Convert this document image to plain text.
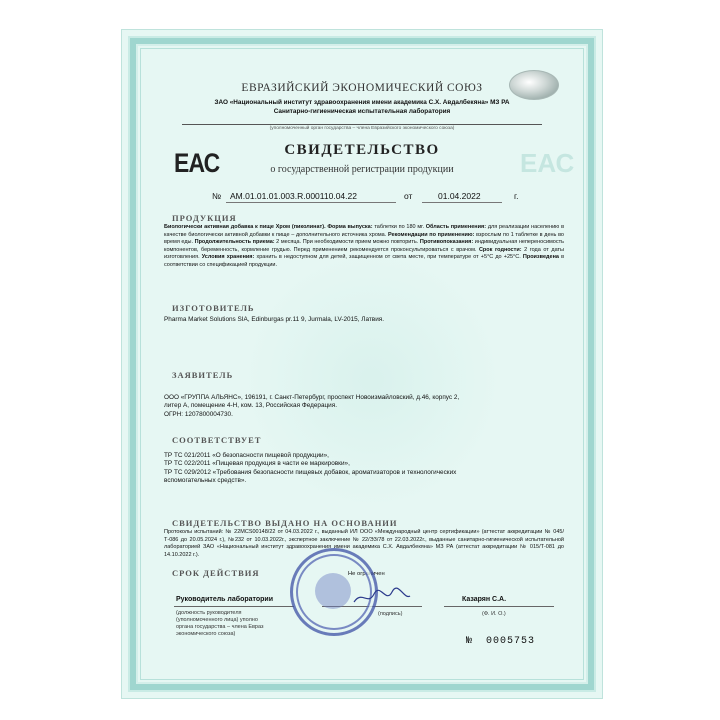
ЕВРАЗИЙСКИЙ ЭКОНОМИЧЕСКИЙ СОЮЗ
ЗАО «Национальный институт здравоохранения имени академика С.Х. Авдалбекяна» МЗ РА
Санитарно-гигиеническая испытательная лаборатория
(уполномоченный орган государства – члена Евразийского экономического союза)
ЕАС	ЕАС
СВИДЕТЕЛЬСТВО
о государственной регистрации продукции
№ AM.01.01.01.003.R.000110.04.22	от	01.04.2022	г.
ПРОДУКЦИЯ
Биологически активная добавка к пище Хром (пиколинат). Форма выпуска: таблетки по 180 мг. Область применения: для реализации населению в качестве биологически активной добавки к пище – дополнительного источника хрома. Рекомендации по применению: взрослым по 1 таблетке в день во время еды. Продолжительность приема: 2 месяца. При необходимости прием можно повторить. Противопоказания: индивидуальная непереносимость компонентов, беременность, кормление грудью. Перед применением рекомендуется проконсультироваться с врачом. Срок годности: 2 года от даты изготовления. Условия хранения: хранить в недоступном для детей, защищенном от света месте, при температуре от +5°С до +25°С. Произведена в соответствии со спецификацией продукции.
ИЗГОТОВИТЕЛЬ
Pharma Market Solutions SIA, Edinburgas pr.11 9, Jurmala, LV-2015, Латвия.
ЗАЯВИТЕЛЬ
ООО «ГРУППА АЛЬЯНС», 196191, г. Санкт-Петербург, проспект Новоизмайловский, д.46, корпус 2,
литер А, помещение 4-Н, ком. 13, Российская Федерация.
ОГРН: 1207800004730.
СООТВЕТСТВУЕТ
ТР ТС 021/2011 «О безопасности пищевой продукции»,
ТР ТС 022/2011 «Пищевая продукция в части ее маркировки»,
ТР ТС 029/2012 «Требования безопасности пищевых добавок, ароматизаторов и технологических
вспомогательных средств».
СВИДЕТЕЛЬСТВО ВЫДАНО НА ОСНОВАНИИ
Протоколы испытаний: № 22MCS00148/22 от 04.03.2022 г., выданный ИЛ ООО «Международный центр сертификации» (аттестат аккредитации № 045/Т-086 до 20.05.2024 г.), №232 от 10.03.2022г., экспертное заключение № 22/ЭЗ/78 от 22.03.2022г., выданные санитарно-гигиенической испытательной лабораторией ЗАО «Национальный институт здравоохранения имени академика С.Х. Авдалбекяна» МЗ РА (аттестат аккредитации № 015/Т-081 до 14.10.2022 г.).
СРОК ДЕЙСТВИЯ	Не ограничен
Руководитель лаборатории	Казарян С.А.
(должность руководителя
(уполномоченного лица) уполно
органа государства – члена Евраз
экономического союза)
(подпись)	(Ф. И. О.)
№ 0005753
